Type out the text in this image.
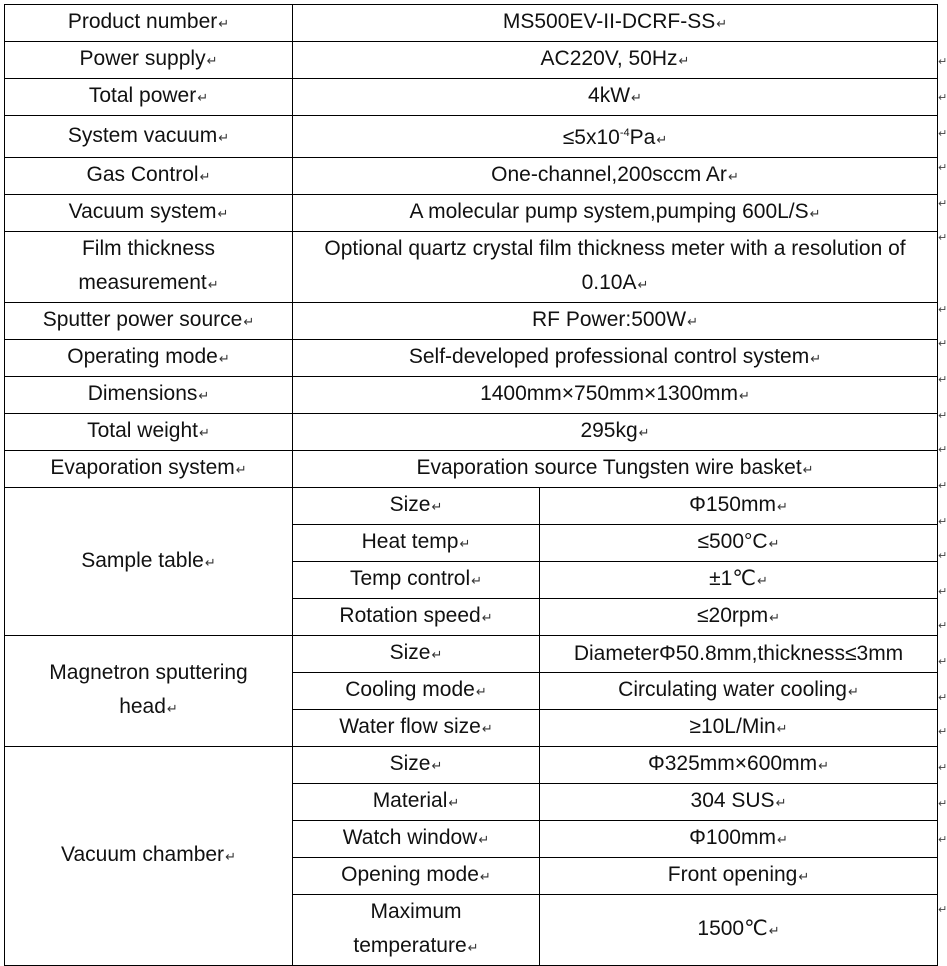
Product number ↵	MS500EV-II-DCRF-SS ↵
Power supply ↵	AC220V, 50Hz ↵
Total power ↵	4kW ↵
System vacuum ↵	$\le 5x10^{-4}Pa$ ↵
Gas Control ↵	One-channel,200sccm Ar ↵
Vacuum system ↵	A molecular pump system,pumping 600L/S ↵
Film thickness measurement ↵	Optional quartz crystal film thickness meter with a resolution of 0.10A ↵
Sputter power source ↵	RF Power:500W ↵
Operating mode ↵	Self-developed professional control system ↵
Dimensions ↵	1400mm×750mm×1300mm ↵
Total weight ↵	295kg ↵
Evaporation system ↵	Evaporation source Tungsten wire basket ↵
Sample table ↵	Size ↵	Φ150mm ↵
	Heat temp ↵	≤500°C ↵
	Temp control ↵	±1℃ ↵
	Rotation speed ↵	≤20rpm ↵
Magnetron sputtering head ↵	Size ↵	DiameterΦ50.8mm,thickness≤3mm
	Cooling mode ↵	Circulating water cooling ↵
	Water flow size ↵	≥10L/Min ↵
Vacuum chamber ↵	Size ↵	Φ325mm×600mm ↵
	Material ↵	304 SUS ↵
	Watch window ↵	Φ100mm ↵
	Opening mode ↵	Front opening ↵
	Maximum temperature ↵	1500℃ ↵
↵
↵
↵
↵
↵
↵
↵
↵
↵
↵
↵
↵
↵
↵
↵
↵
↵
↵
↵
↵
↵
↵
↵
